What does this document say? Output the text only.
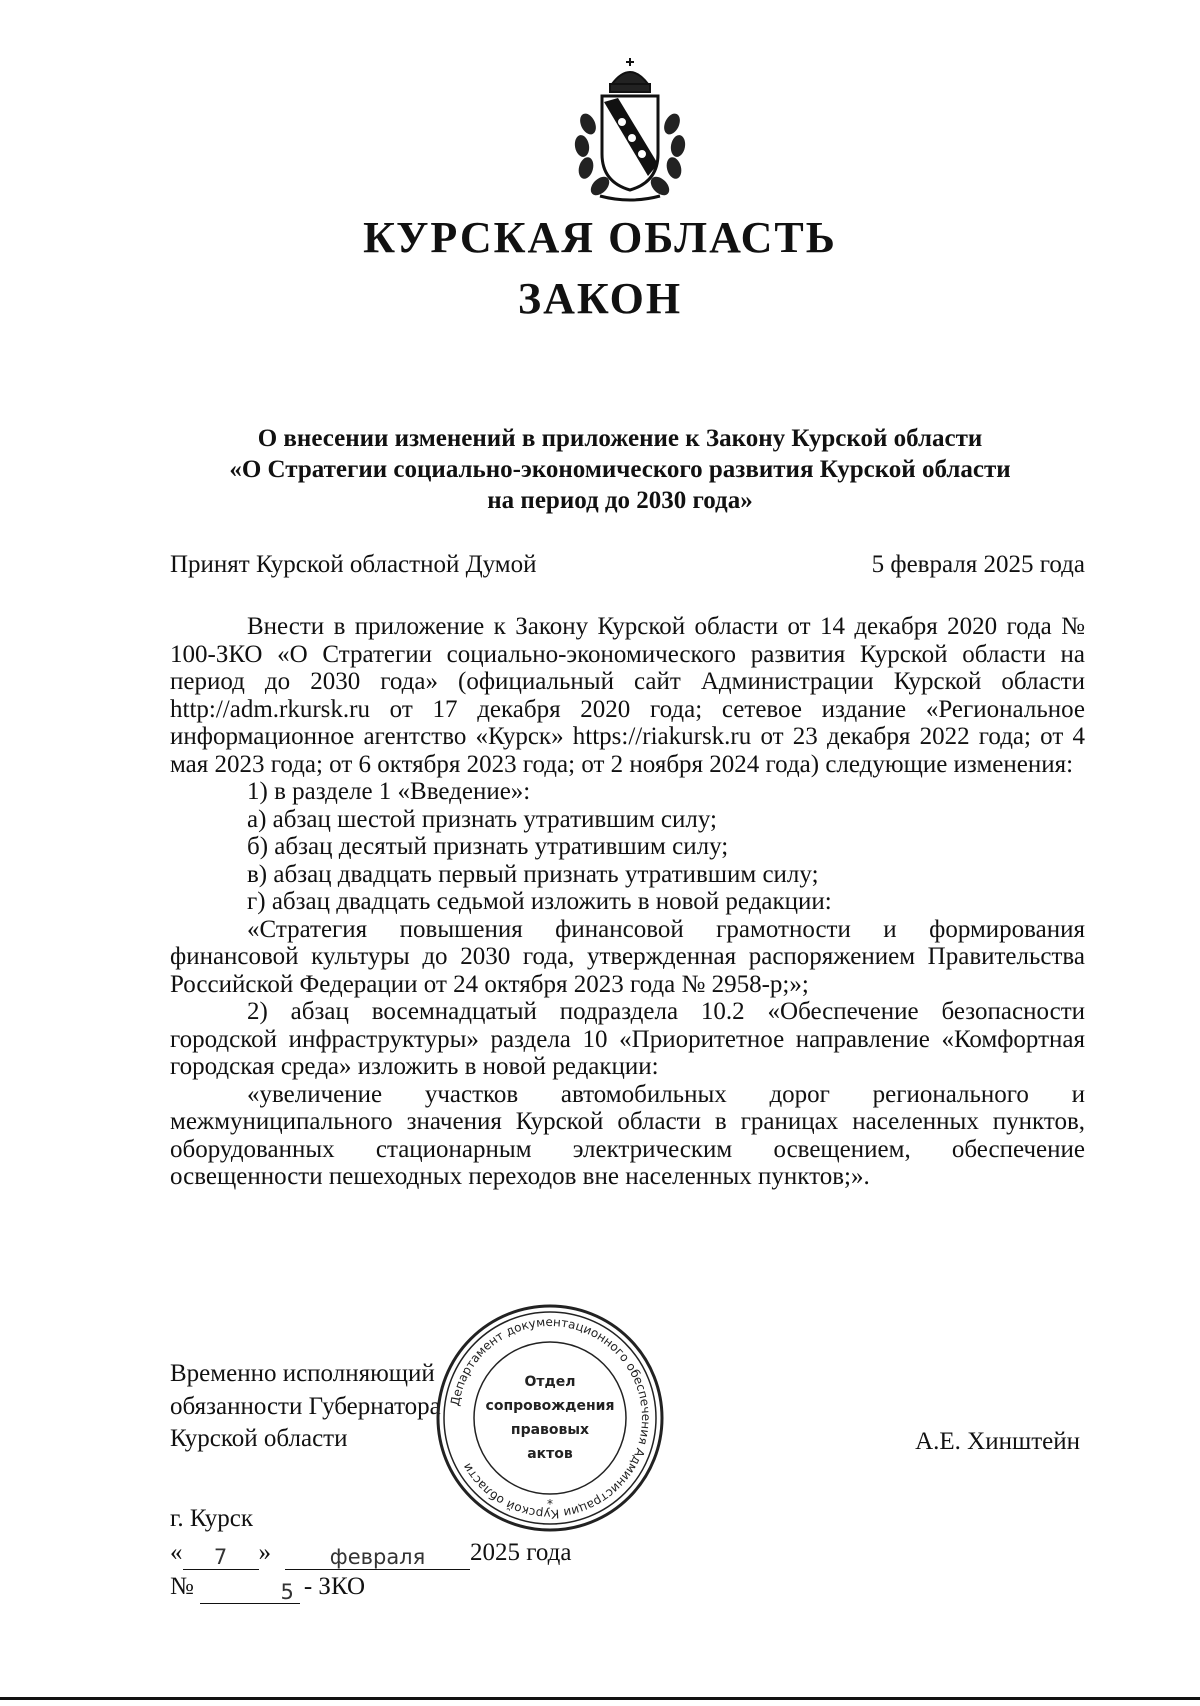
КУРСКАЯ ОБЛАСТЬ
ЗАКОН
О внесении изменений в приложение к Закону Курской области
«О Стратегии социально-экономического развития Курской области
на период до 2030 года»
Принят Курской областной Думой	5 февраля 2025 года

Внести в приложение к Закону Курской области от 14 декабря 2020 года № 100-ЗКО «О Стратегии социально-экономического развития Курской области на период до 2030 года» (официальный сайт Администрации Курской области http://adm.rkursk.ru от 17 декабря 2020 года; сетевое издание «Региональное информационное агентство «Курск» https://riakursk.ru от 23 декабря 2022 года; от 4 мая 2023 года; от 6 октября 2023 года; от 2 ноября 2024 года) следующие изменения:

1) в разделе 1 «Введение»:

а) абзац шестой признать утратившим силу;

б) абзац десятый признать утратившим силу;

в) абзац двадцать первый признать утратившим силу;

г) абзац двадцать седьмой изложить в новой редакции:

«Стратегия повышения финансовой грамотности и формирования финансовой культуры до 2030 года, утвержденная распоряжением Правительства Российской Федерации от 24 октября 2023 года № 2958-р;»;

2) абзац восемнадцатый подраздела 10.2 «Обеспечение безопасности городской инфраструктуры» раздела 10 «Приоритетное направление «Комфортная городская среда» изложить в новой редакции:

«увеличение участков автомобильных дорог регионального и межмуниципального значения Курской области в границах населенных пунктов, оборудованных стационарным электрическим освещением, обеспечение освещенности пешеходных переходов вне населенных пунктов;».

Временно исполняющий
обязанности Губернатора
Курской области	А.Е. Хинштейн
Департамент документационного обеспечения Администрации Курской области
Отдел
сопровождения
правовых
актов
*
г. Курск
«	7	»	февраля	2025 года
№	5 - ЗКО
